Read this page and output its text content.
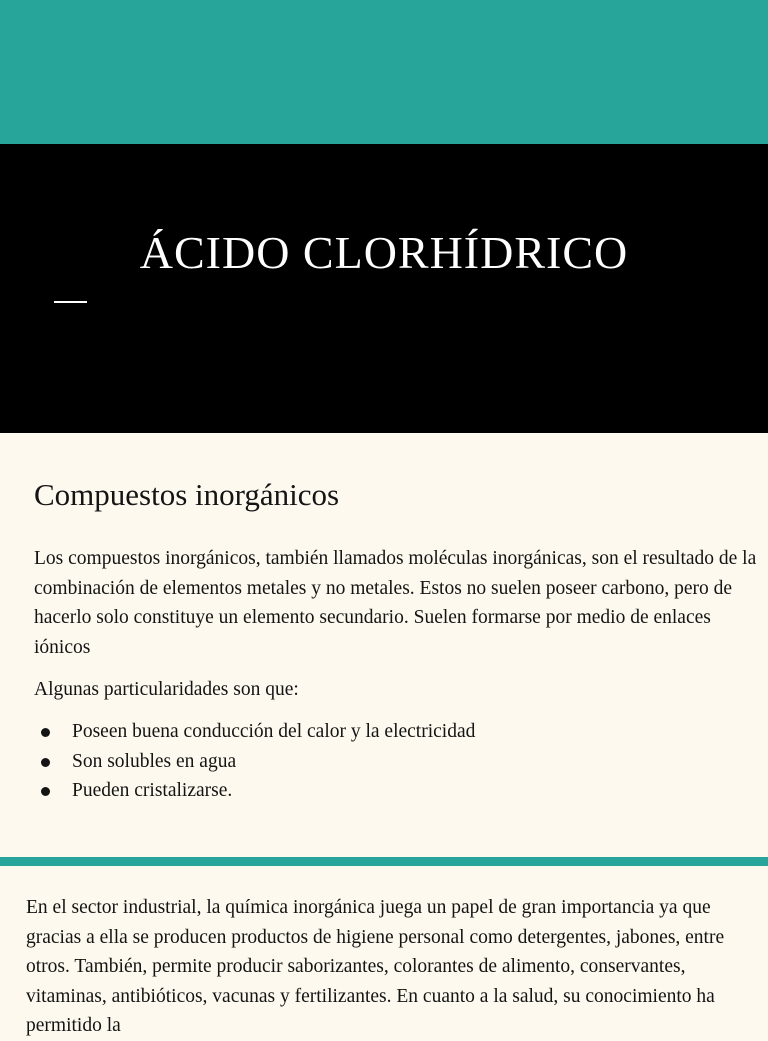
ÁCIDO CLORHÍDRICO
Compuestos inorgánicos

Los compuestos inorgánicos, también llamados moléculas inorgánicas, son el resultado de la combinación de elementos metales y no metales. Estos no suelen poseer carbono, pero de hacerlo solo constituye un elemento secundario. Suelen formarse por medio de enlaces iónicos

Algunas particularidades son que:

Poseen buena conducción del calor y la electricidad
Son solubles en agua
Pueden cristalizarse.

En el sector industrial, la química inorgánica juega un papel de gran importancia ya que gracias a ella se producen productos de higiene personal como detergentes, jabones, entre otros. También, permite producir saborizantes, colorantes de alimento, conservantes, vitaminas, antibióticos, vacunas y fertilizantes. En cuanto a la salud, su conocimiento ha permitido la
